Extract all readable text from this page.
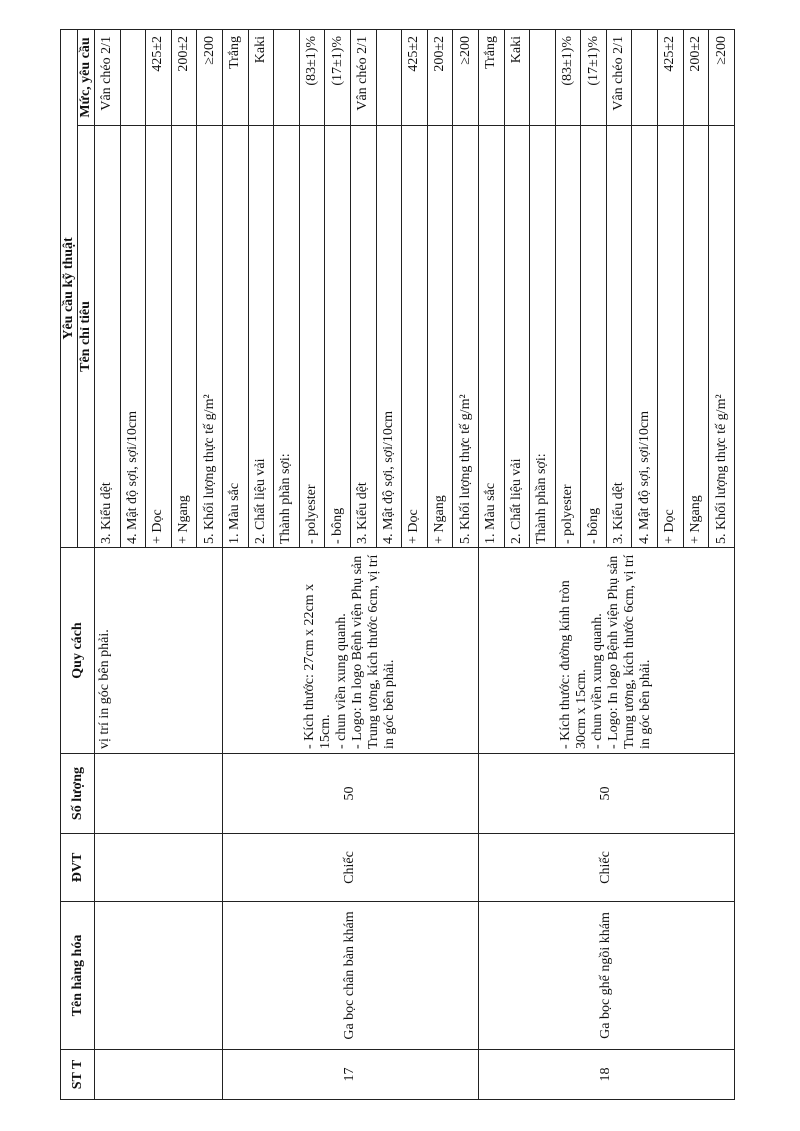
ST T	Tên hàng hóa	ĐVT	Số lượng	Quy cách	Yêu cầu kỹ thuật	
					Tên chỉ tiêu	Mức, yêu cầu
				vị trí in góc bên phải.	3. Kiểu dệt	Vân chéo 2/1
					4. Mật độ sợi, sợi/10cm	
					+ Dọc	425±2
					+ Ngang	200±2
					5. Khối lượng thực tế g/m²	≥200
17	Ga bọc chân bàn khám	Chiếc	50	- Kích thước: 27cm x 22cm x 15cm. - chun viền xung quanh. - Logo: In logo Bệnh viện Phụ sản Trung ương, kích thước 6cm, vị trí in góc bên phải.	1. Màu sắc	Trắng
					2. Chất liệu vải	Kaki
					Thành phần sợi:	
					- polyester	(83±1)%
					- bông	(17±1)%
					3. Kiểu dệt	Vân chéo 2/1
					4. Mật độ sợi, sợi/10cm	
					+ Dọc	425±2
					+ Ngang	200±2
					5. Khối lượng thực tế g/m²	≥200
18	Ga bọc ghế ngồi khám	Chiếc	50	- Kích thước: đường kính tròn 30cm x 15cm. - chun viền xung quanh. - Logo: In logo Bệnh viện Phụ sản Trung ương, kích thước 6cm, vị trí in góc bên phải.	1. Màu sắc	Trắng
					2. Chất liệu vải	Kaki
					Thành phần sợi:	
					- polyester	(83±1)%
					- bông	(17±1)%
					3. Kiểu dệt	Vân chéo 2/1
					4. Mật độ sợi, sợi/10cm	
					+ Dọc	425±2
					+ Ngang	200±2
					5. Khối lượng thực tế g/m²	≥200
